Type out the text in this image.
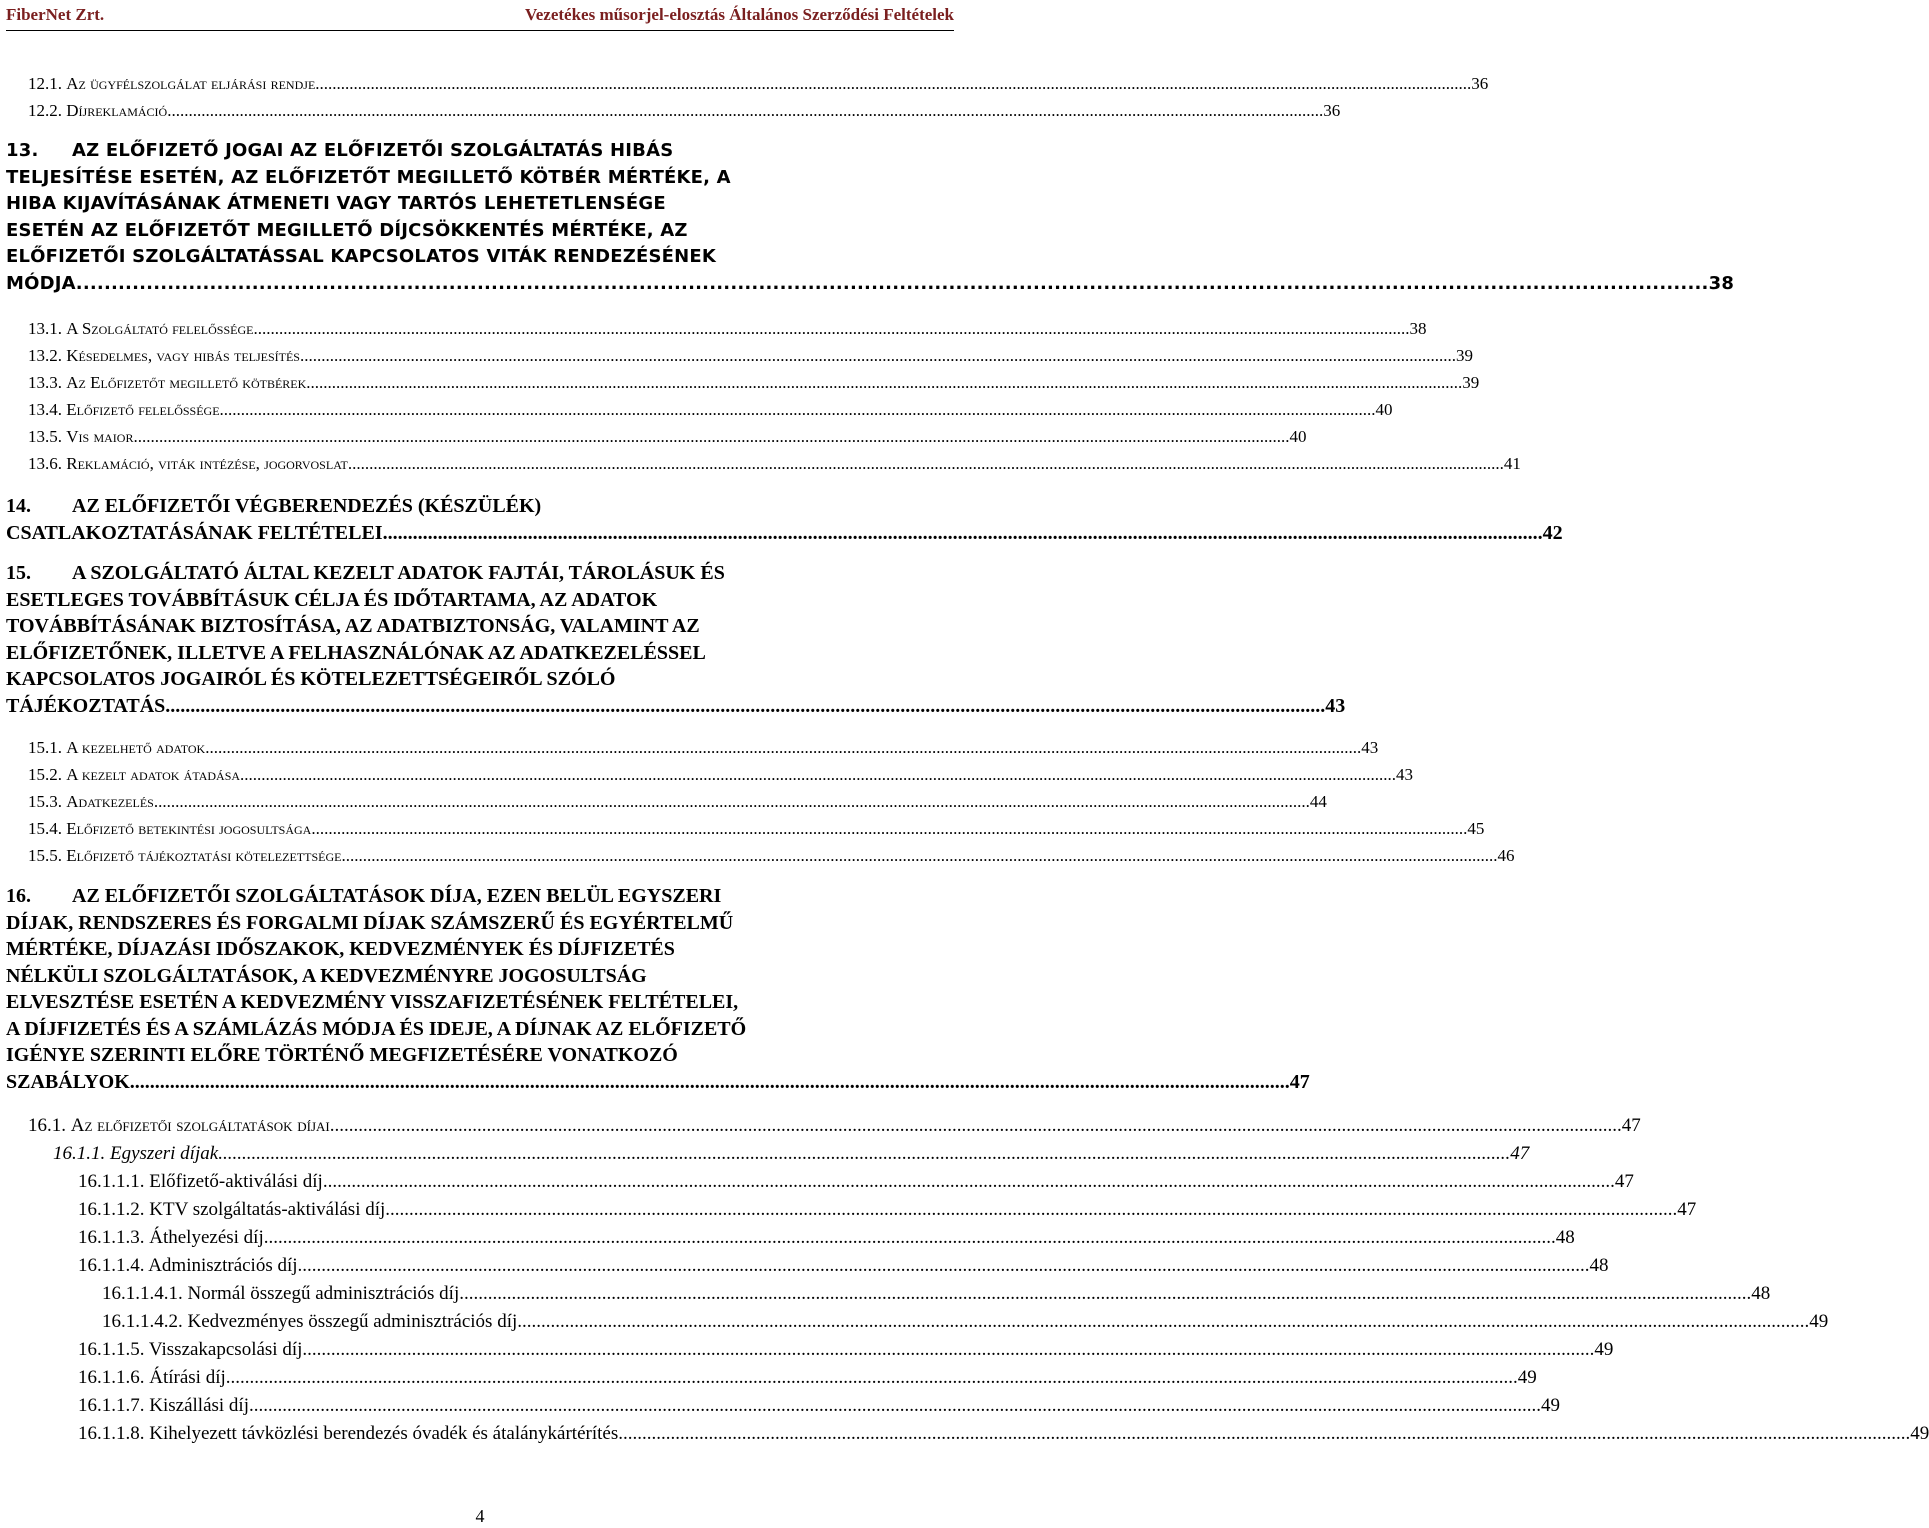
FiberNet Zrt.	Vezetékes műsorjel-elosztás Általános Szerződési Feltételek
12.1. Az ügyfélszolgálat eljárási rendje .....	36
12.2. Díjreklamáció .....	36
13.	AZ ELŐFIZETŐ JOGAI AZ ELŐFIZETŐI SZOLGÁLTATÁS HIBÁS
TELJESÍTÉSE ESETÉN, AZ ELŐFIZETŐT MEGILLETŐ KÖTBÉR MÉRTÉKE, A
HIBA KIJAVÍTÁSÁNAK ÁTMENETI VAGY TARTÓS LEHETETLENSÉGE
ESETÉN AZ ELŐFIZETŐT MEGILLETŐ DÍJCSÖKKENTÉS MÉRTÉKE, AZ
ELŐFIZETŐI SZOLGÁLTATÁSSAL KAPCSOLATOS VITÁK RENDEZÉSÉNEK
MÓDJA .....	38
13.1. A Szolgáltató felelőssége .....	38
13.2. Késedelmes, vagy hibás teljesítés .....	39
13.3. Az Előfizetőt megillető kötbérek .....	39
13.4. Előfizető felelőssége .....	40
13.5. Vis maior .....	40
13.6. Reklamáció, viták intézése, jogorvoslat .....	41
14.	AZ ELŐFIZETŐI VÉGBERENDEZÉS (KÉSZÜLÉK)
CSATLAKOZTATÁSÁNAK FELTÉTELEI .....	42
15.	A SZOLGÁLTATÓ ÁLTAL KEZELT ADATOK FAJTÁI, TÁROLÁSUK ÉS
ESETLEGES TOVÁBBÍTÁSUK CÉLJA ÉS IDŐTARTAMA, AZ ADATOK
TOVÁBBÍTÁSÁNAK BIZTOSÍTÁSA, AZ ADATBIZTONSÁG, VALAMINT AZ
ELŐFIZETŐNEK, ILLETVE A FELHASZNÁLÓNAK AZ ADATKEZELÉSSEL
KAPCSOLATOS JOGAIRÓL ÉS KÖTELEZETTSÉGEIRŐL SZÓLÓ
TÁJÉKOZTATÁS .....	43
15.1. A kezelhető adatok .....	43
15.2. A kezelt adatok átadása .....	43
15.3. Adatkezelés .....	44
15.4. Előfizető betekintési jogosultsága .....	45
15.5. Előfizető tájékoztatási kötelezettsége .....	46
16.	AZ ELŐFIZETŐI SZOLGÁLTATÁSOK DÍJA, EZEN BELÜL EGYSZERI
DÍJAK, RENDSZERES ÉS FORGALMI DÍJAK SZÁMSZERŰ ÉS EGYÉRTELMŰ
MÉRTÉKE, DÍJAZÁSI IDŐSZAKOK, KEDVEZMÉNYEK ÉS DÍJFIZETÉS
NÉLKÜLI SZOLGÁLTATÁSOK, A KEDVEZMÉNYRE JOGOSULTSÁG
ELVESZTÉSE ESETÉN A KEDVEZMÉNY VISSZAFIZETÉSÉNEK FELTÉTELEI,
A DÍJFIZETÉS ÉS A SZÁMLÁZÁS MÓDJA ÉS IDEJE, A DÍJNAK AZ ELŐFIZETŐ
IGÉNYE SZERINTI ELŐRE TÖRTÉNŐ MEGFIZETÉSÉRE VONATKOZÓ
SZABÁLYOK .....	47
16.1. Az előfizetői szolgáltatások díjai .....	47
16.1.1. Egyszeri díjak .....	47
16.1.1.1. Előfizető-aktiválási díj .....	47
16.1.1.2. KTV szolgáltatás-aktiválási díj .....	47
16.1.1.3. Áthelyezési díj .....	48
16.1.1.4. Adminisztrációs díj .....	48
16.1.1.4.1. Normál összegű adminisztrációs díj .....	48
16.1.1.4.2. Kedvezményes összegű adminisztrációs díj .....	49
16.1.1.5. Visszakapcsolási díj .....	49
16.1.1.6. Átírási díj .....	49
16.1.1.7. Kiszállási díj .....	49
16.1.1.8. Kihelyezett távközlési berendezés óvadék és átalánykártérítés .....	49
4
